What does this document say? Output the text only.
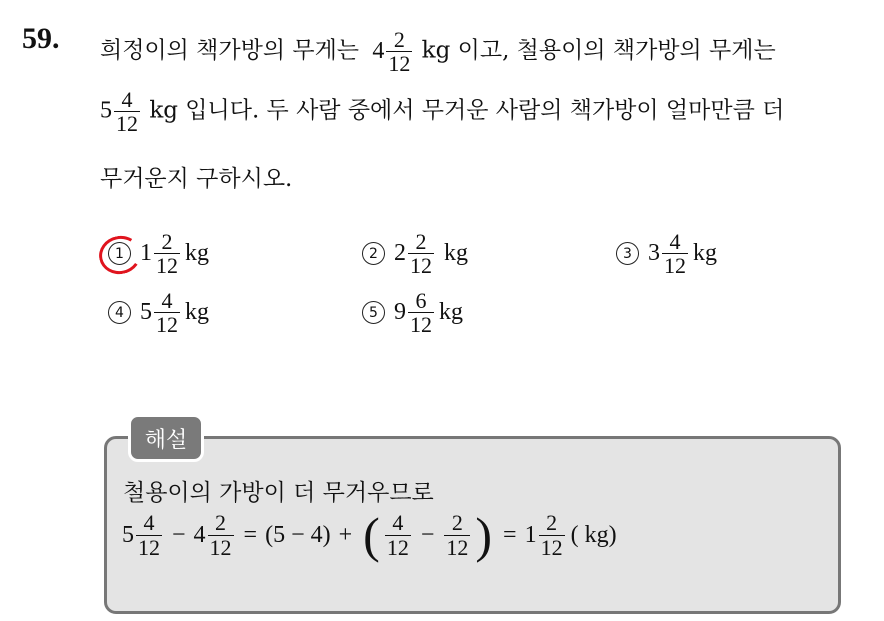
59. 희정이의 책가방의 무게는 $4 \frac{2}{12}$ kg 이고, 철용이의 책가방의 무게는
$5 \frac{4}{12}$ kg 입니다. 두 사람 중에서 무거운 사람의 책가방이 얼마만큼 더
무거운지 구하시오.
1 $1 \frac{2}{12}$ kg	2 $2 \frac{2}{12}$ kg	3 $3 \frac{4}{12}$ kg
4 $5 \frac{4}{12}$ kg	5 $9 \frac{6}{12}$ kg
해설
철용이의 가방이 더 무거우므로
$5 \frac{4}{12} - 4 \frac{2}{12} = (5 - 4)$ + ( $\frac{4}{12} - \frac{2}{12}$ ) = $1 \frac{2}{12}$ ( kg)
